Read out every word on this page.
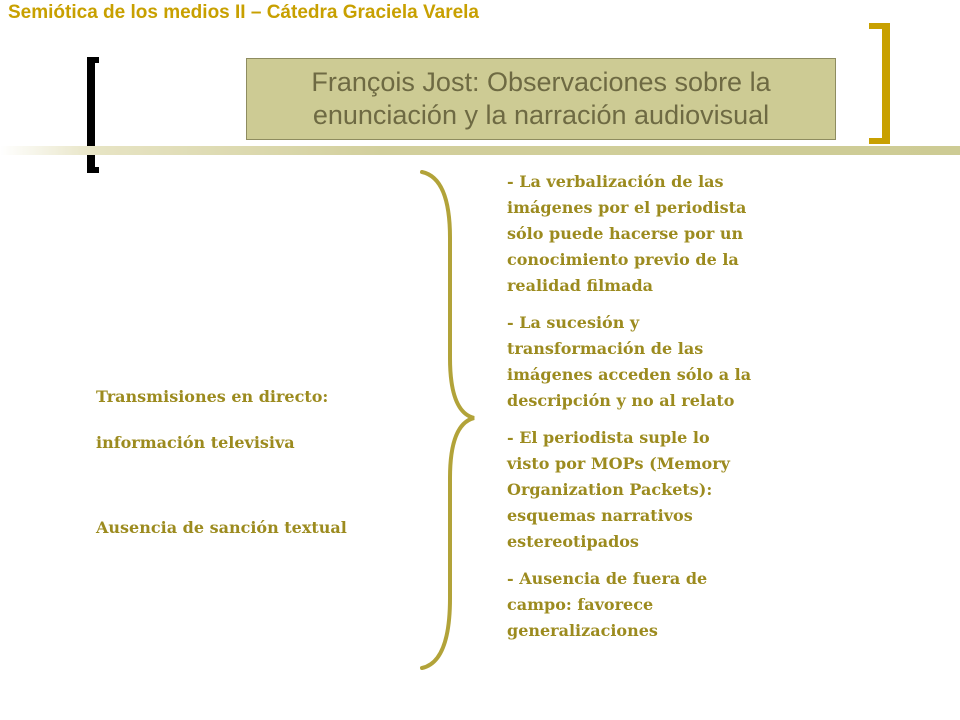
Semiótica de los medios II – Cátedra Graciela Varela
François Jost: Observaciones sobre la
enunciación y la narración audiovisual
Transmisiones en directo:
información televisiva
Ausencia de sanción textual
- La verbalización de las
imágenes por el periodista
sólo puede hacerse por un
conocimiento previo de la
realidad filmada
- La sucesión y
transformación de las
imágenes acceden sólo a la
descripción y no al relato
- El periodista suple lo
visto por MOPs (Memory
Organization Packets):
esquemas narrativos
estereotipados
- Ausencia de fuera de
campo: favorece
generalizaciones
